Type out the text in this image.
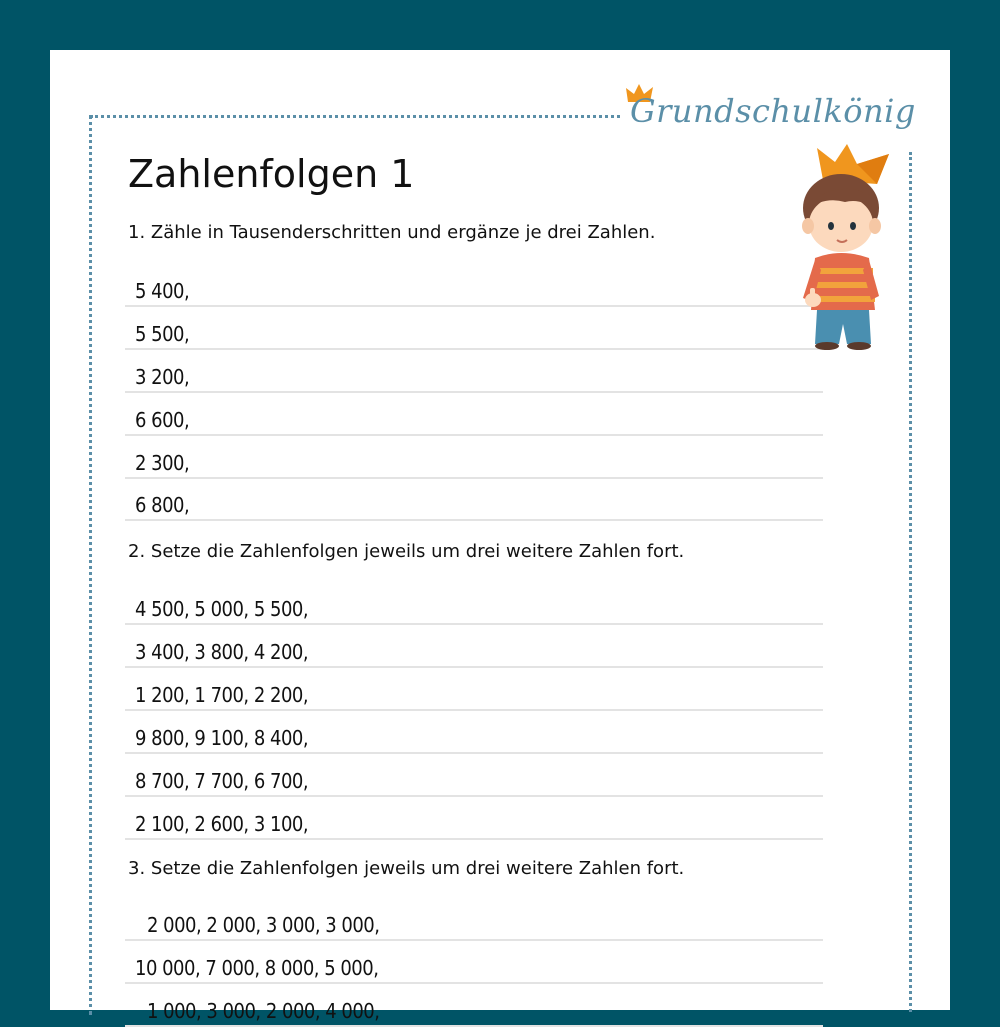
Grundschulkönig
Zahlenfolgen 1
1. Zähle in Tausenderschritten und ergänze je drei Zahlen.
5 400,
5 500,
3 200,
6 600,
2 300,
6 800,
2. Setze die Zahlenfolgen jeweils um drei weitere Zahlen fort.
4 500, 5 000, 5 500,
3 400, 3 800, 4 200,
1 200, 1 700, 2 200,
9 800, 9 100, 8 400,
8 700, 7 700, 6 700,
2 100, 2 600, 3 100,
3. Setze die Zahlenfolgen jeweils um drei weitere Zahlen fort.
2 000, 2 000, 3 000, 3 000,
10 000, 7 000, 8 000, 5 000,
1 000, 3 000, 2 000, 4 000,
